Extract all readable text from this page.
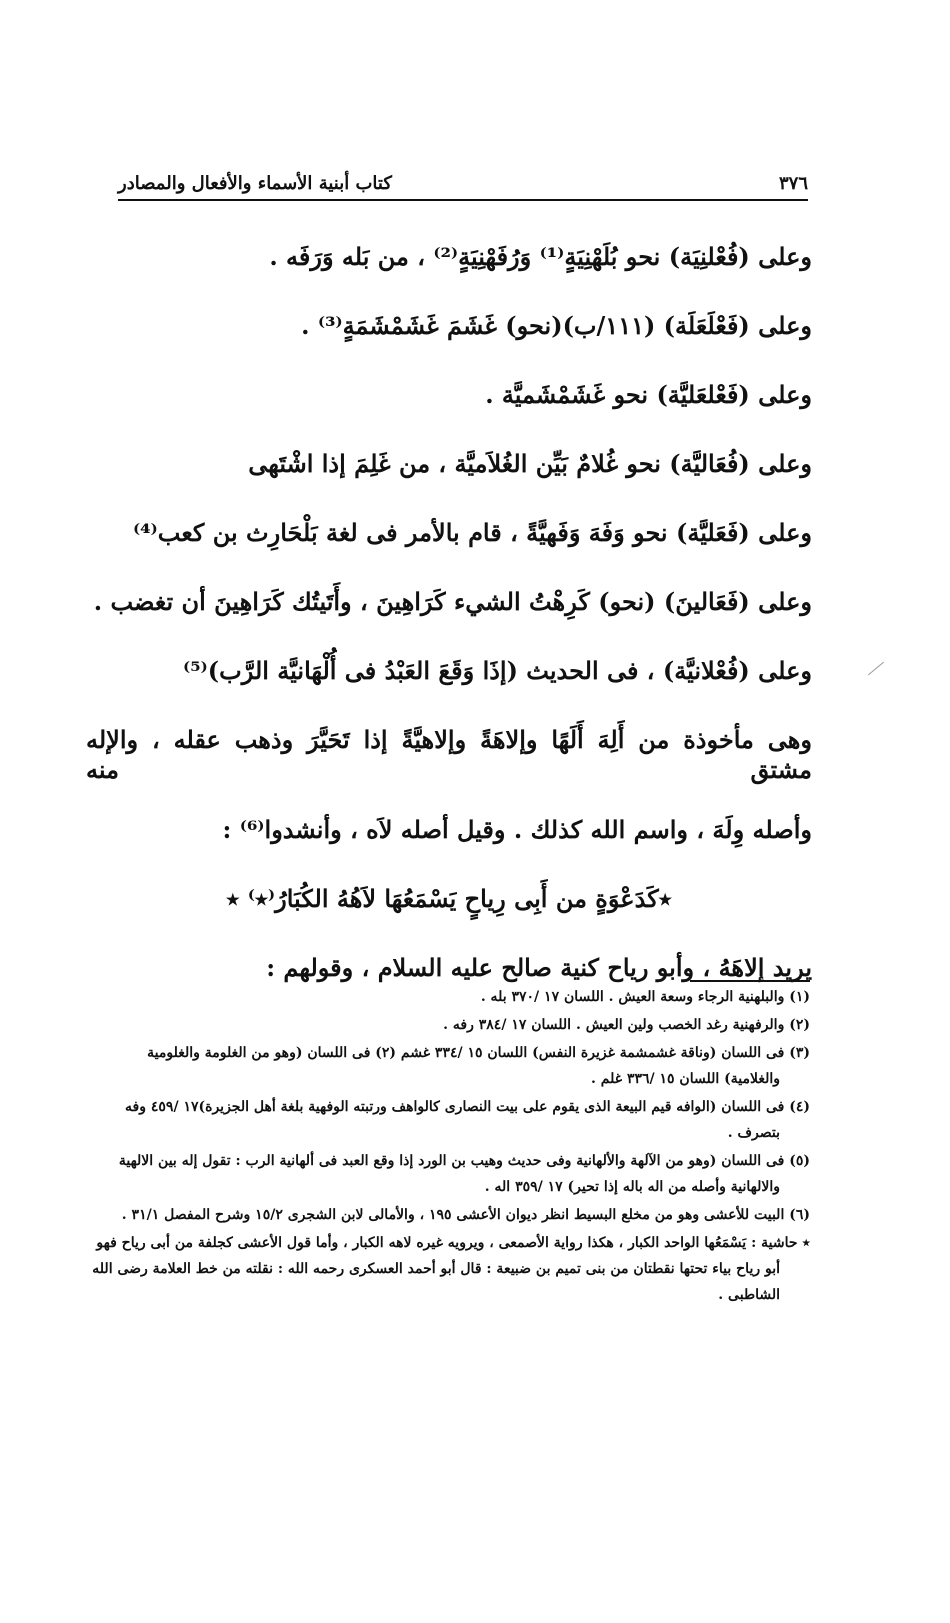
٣٧٦
كتاب أبنية الأسماء والأفعال والمصادر
وعلى (فُعْلنِيَة) نحو بُلَهْنِيَةٍ⁽¹⁾ وَرُفَهْنِيَةٍ⁽²⁾ ، من بَله وَرَفَه .
وعلى (فَعْلَعَلَة) (١١١/ب)(نحو) غَشَمَ غَشَمْشَمَةٍ⁽³⁾ .
وعلى (فَعْلعَليَّة) نحو غَشَمْشَميَّة .
وعلى (فُعَاليَّة) نحو غُلامٌ بَيِّن الغُلاَميَّة ، من غَلِمَ إذا اشْتَهى
وعلى (فَعَليَّة) نحو وَفَهَ وَفَهيَّةً ، قام بالأمر فى لغة بَلْحَارِث بن كعب⁽⁴⁾
وعلى (فَعَالينَ) (نحو) كَرِهْتُ الشيء كَرَاهِينَ ، وأَتَيتُك كَرَاهِينَ أن تغضب .
وعلى (فُعْلانيَّة) ، فى الحديث (إذَا وَقَعَ العَبْدُ فى أُلْهَانيَّة الرَّب)⁽⁵⁾
وهى مأخوذة من أَلِهَ أَلَهًا وإلاهَةً وإلاهيَّةً إذا تَحَيَّرَ وذهب عقله ، والإله مشتق منه
وأصله وِلَهَ ، واسم الله كذلك . وقيل أصله لاَه ، وأنشدوا⁽⁶⁾ :
٭كَدَعْوَةٍ من أَبِى رِياحٍ يَسْمَعُهَا لاَهُهُ الكُبَارُ⁽٭⁾ ٭
يريد إلاهَهُ ، وأبو رياح كنية صالح عليه السلام ، وقولهم :
(١) والبلهنية الرجاء وسعة العيش . اللسان ١٧ /٣٧٠ بله .
(٢) والرفهنية رغد الخصب ولين العيش . اللسان ١٧ /٣٨٤ رفه .
(٣) فى اللسان (وناقة غشمشمة غزيرة النفس) اللسان ١٥ /٣٣٤ غشم (٢) فى اللسان (وهو من الغلومة والغلومية والغلامية) اللسان ١٥ /٣٣٦ غلم .
(٤) فى اللسان (الوافه قيم البيعة الذى يقوم على بيت النصارى كالواهف ورتبته الوفهية بلغة أهل الجزيرة)١٧ /٤٥٩ وفه بتصرف .
(٥) فى اللسان (وهو من الآلهة والألهانية وفى حديث وهيب بن الورد إذا وقع العبد فى ألهانية الرب : تقول إله بين الالهية والالهانية وأصله من اله باله إذا تحير) ١٧ /٣٥٩ اله .
(٦) البيت للأعشى وهو من مخلع البسيط انظر ديوان الأعشى ١٩٥ ، والأمالى لابن الشجرى ١٥/٢ وشرح المفصل ٣١/١ .
٭ حاشية : يَسْمَعُها الواحد الكبار ، هكذا رواية الأصمعى ، ويرويه غيره لاهه الكبار ، وأما قول الأعشى كجلفة من أبى رياح فهو أبو رياح بياء تحتها نقطتان من بنى تميم بن ضبيعة : قال أبو أحمد العسكرى رحمه الله : نقلته من خط العلامة رضى الله الشاطبى .
